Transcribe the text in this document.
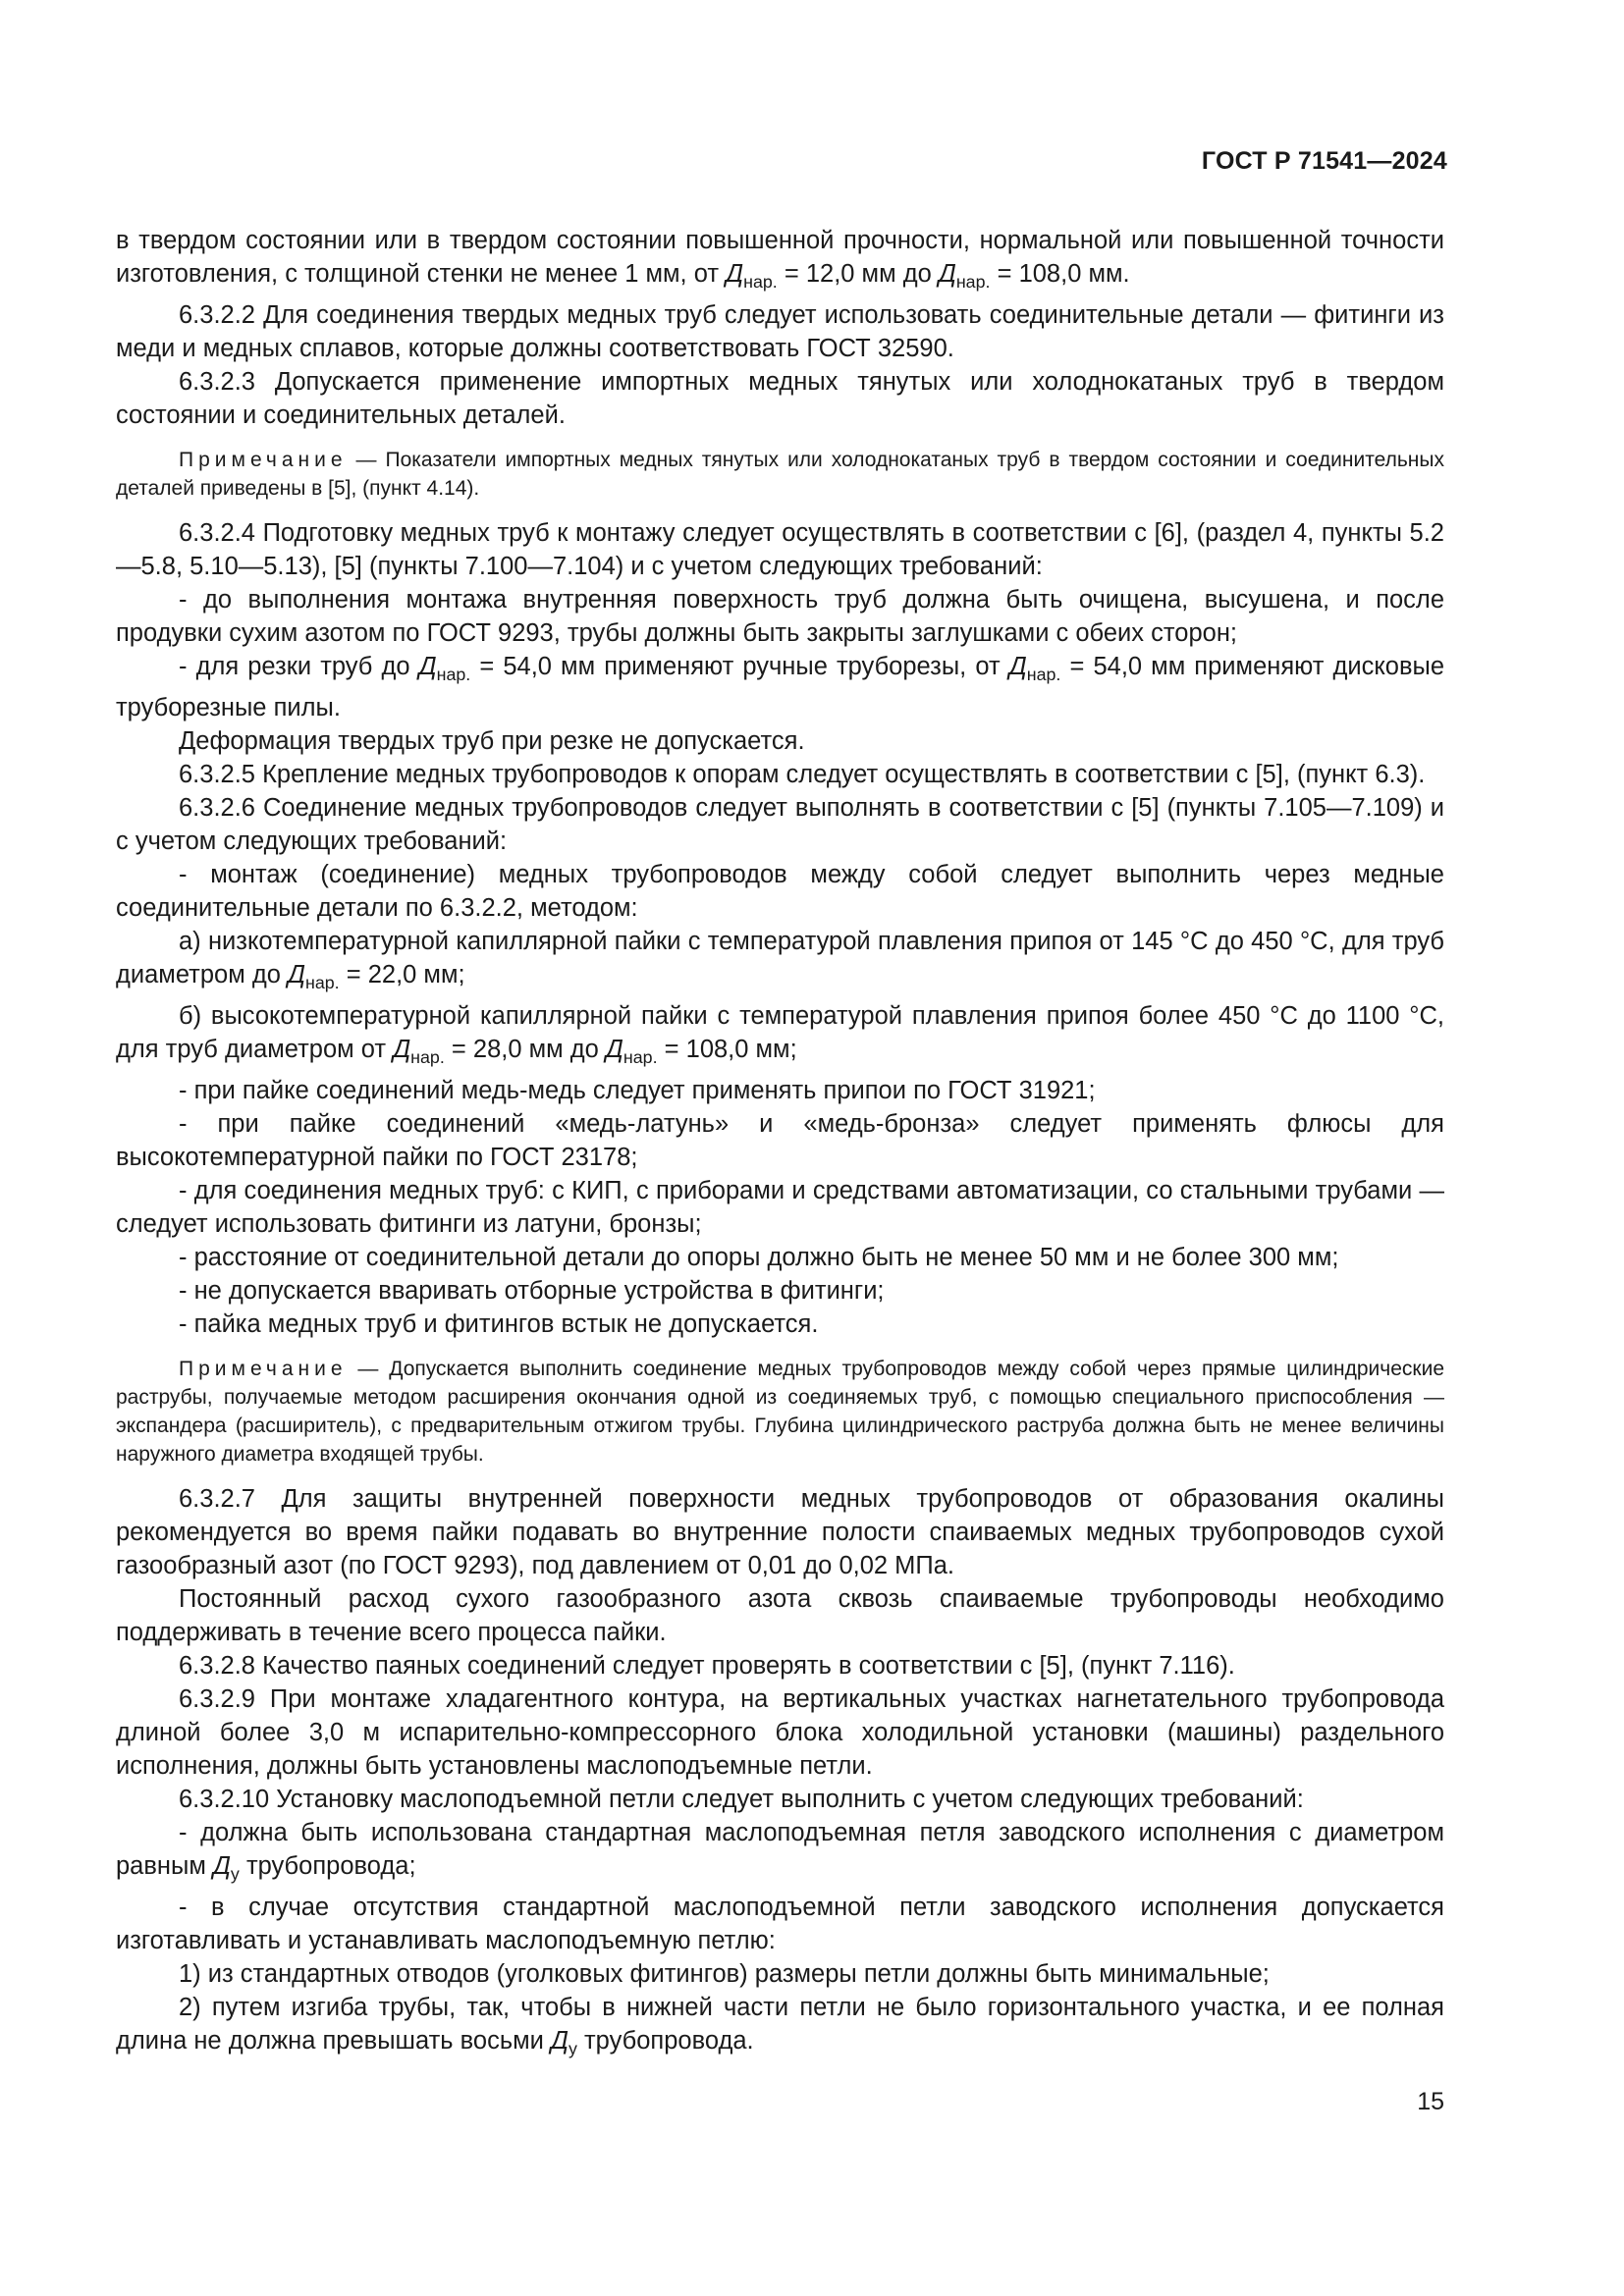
ГОСТ Р 71541—2024

в твердом состоянии или в твердом состоянии повышенной прочности, нормальной или повышенной точности изготовления, с толщиной стенки не менее 1 мм, от $Д_{нар.} = 12,0$ мм до $Д_{нар.} = 108,0$ мм.

6.3.2.2 Для соединения твердых медных труб следует использовать соединительные детали — фитинги из меди и медных сплавов, которые должны соответствовать ГОСТ 32590.

6.3.2.3 Допускается применение импортных медных тянутых или холоднокатаных труб в твердом состоянии и соединительных деталей.

Примечание — Показатели импортных медных тянутых или холоднокатаных труб в твердом состоянии и соединительных деталей приведены в [5], (пункт 4.14).

6.3.2.4 Подготовку медных труб к монтажу следует осуществлять в соответствии с [6], (раздел 4, пункты 5.2—5.8, 5.10—5.13), [5] (пункты 7.100—7.104) и с учетом следующих требований:

- до выполнения монтажа внутренняя поверхность труб должна быть очищена, высушена, и после продувки сухим азотом по ГОСТ 9293, трубы должны быть закрыты заглушками с обеих сторон;

- для резки труб до $Д_{нар.} = 54,0$ мм применяют ручные труборезы, от $Д_{нар.} = 54,0$ мм применяют дисковые труборезные пилы.

Деформация твердых труб при резке не допускается.

6.3.2.5 Крепление медных трубопроводов к опорам следует осуществлять в соответствии с [5], (пункт 6.3).

6.3.2.6 Соединение медных трубопроводов следует выполнять в соответствии с [5] (пункты 7.105—7.109) и с учетом следующих требований:

- монтаж (соединение) медных трубопроводов между собой следует выполнить через медные соединительные детали по 6.3.2.2, методом:

а) низкотемпературной капиллярной пайки с температурой плавления припоя от 145 °С до 450 °С, для труб диаметром до $Д_{нар.} = 22,0$ мм;

б) высокотемпературной капиллярной пайки с температурой плавления припоя более 450 °С до 1100 °С, для труб диаметром от $Д_{нар.} = 28,0$ мм до $Д_{нар.} = 108,0$ мм;

- при пайке соединений медь-медь следует применять припои по ГОСТ 31921;

- при пайке соединений «медь-латунь» и «медь-бронза» следует применять флюсы для высокотемпературной пайки по ГОСТ 23178;

- для соединения медных труб: с КИП, с приборами и средствами автоматизации, со стальными трубами — следует использовать фитинги из латуни, бронзы;

- расстояние от соединительной детали до опоры должно быть не менее 50 мм и не более 300 мм;

- не допускается вваривать отборные устройства в фитинги;

- пайка медных труб и фитингов встык не допускается.

Примечание — Допускается выполнить соединение медных трубопроводов между собой через прямые цилиндрические раструбы, получаемые методом расширения окончания одной из соединяемых труб, с помощью специального приспособления — экспандера (расширитель), с предварительным отжигом трубы. Глубина цилиндрического раструба должна быть не менее величины наружного диаметра входящей трубы.

6.3.2.7 Для защиты внутренней поверхности медных трубопроводов от образования окалины рекомендуется во время пайки подавать во внутренние полости спаиваемых медных трубопроводов сухой газообразный азот (по ГОСТ 9293), под давлением от 0,01 до 0,02 МПа.

Постоянный расход сухого газообразного азота сквозь спаиваемые трубопроводы необходимо поддерживать в течение всего процесса пайки.

6.3.2.8 Качество паяных соединений следует проверять в соответствии с [5], (пункт 7.116).

6.3.2.9 При монтаже хладагентного контура, на вертикальных участках нагнетательного трубопровода длиной более 3,0 м испарительно-компрессорного блока холодильной установки (машины) раздельного исполнения, должны быть установлены маслоподъемные петли.

6.3.2.10 Установку маслоподъемной петли следует выполнить с учетом следующих требований:

- должна быть использована стандартная маслоподъемная петля заводского исполнения с диаметром равным $Д_у$ трубопровода;

- в случае отсутствия стандартной маслоподъемной петли заводского исполнения допускается изготавливать и устанавливать маслоподъемную петлю:

1) из стандартных отводов (уголковых фитингов) размеры петли должны быть минимальные;

2) путем изгиба трубы, так, чтобы в нижней части петли не было горизонтального участка, и ее полная длина не должна превышать восьми $Д_у$ трубопровода.

15
